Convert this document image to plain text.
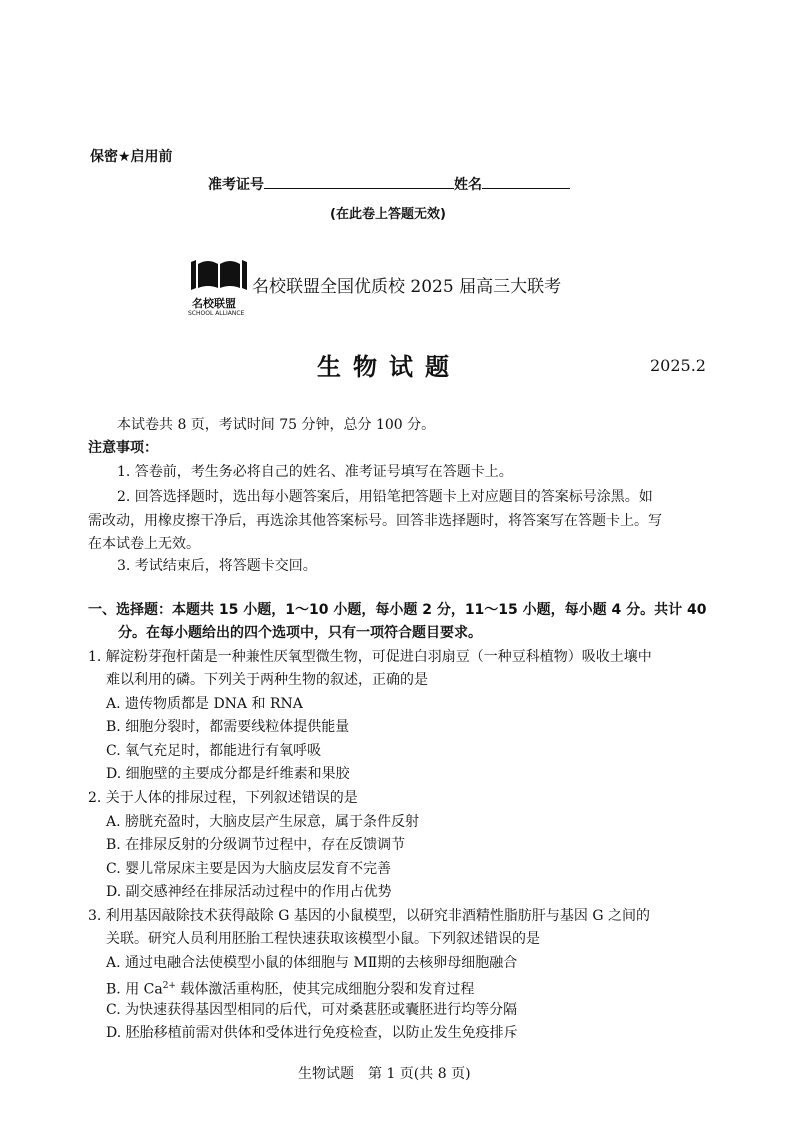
保密★启用前
准考证号	姓名
(在此卷上答题无效)
名校联盟
SCHOOL ALLIANCE
名校联盟全国优质校 2025 届高三大联考
生物试题	2025.2
本试卷共 8 页，考试时间 75 分钟，总分 100 分。
注意事项：
1. 答卷前，考生务必将自己的姓名、准考证号填写在答题卡上。
2. 回答选择题时，选出每小题答案后，用铅笔把答题卡上对应题目的答案标号涂黑。如
需改动，用橡皮擦干净后，再选涂其他答案标号。回答非选择题时，将答案写在答题卡上。写
在本试卷上无效。
3. 考试结束后，将答题卡交回。
一、选择题：本题共 15 小题，1～10 小题，每小题 2 分，11～15 小题，每小题 4 分。共计 40
分。在每小题给出的四个选项中，只有一项符合题目要求。
1. 解淀粉芽孢杆菌是一种兼性厌氧型微生物，可促进白羽扇豆（一种豆科植物）吸收土壤中
难以利用的磷。下列关于两种生物的叙述，正确的是
A. 遗传物质都是 DNA 和 RNA
B. 细胞分裂时，都需要线粒体提供能量
C. 氧气充足时，都能进行有氧呼吸
D. 细胞壁的主要成分都是纤维素和果胶
2. 关于人体的排尿过程，下列叙述错误的是
A. 膀胱充盈时，大脑皮层产生尿意，属于条件反射
B. 在排尿反射的分级调节过程中，存在反馈调节
C. 婴儿常尿床主要是因为大脑皮层发育不完善
D. 副交感神经在排尿活动过程中的作用占优势
3. 利用基因敲除技术获得敲除 G 基因的小鼠模型，以研究非酒精性脂肪肝与基因 G 之间的
关联。研究人员利用胚胎工程快速获取该模型小鼠。下列叙述错误的是
A. 通过电融合法使模型小鼠的体细胞与 MⅡ期的去核卵母细胞融合
B. 用 $Ca^{2+}$ 载体激活重构胚，使其完成细胞分裂和发育过程
C. 为快速获得基因型相同的后代，可对桑葚胚或囊胚进行均等分隔
D. 胚胎移植前需对供体和受体进行免疫检查，以防止发生免疫排斥
生物试题　第 1 页(共 8 页)
